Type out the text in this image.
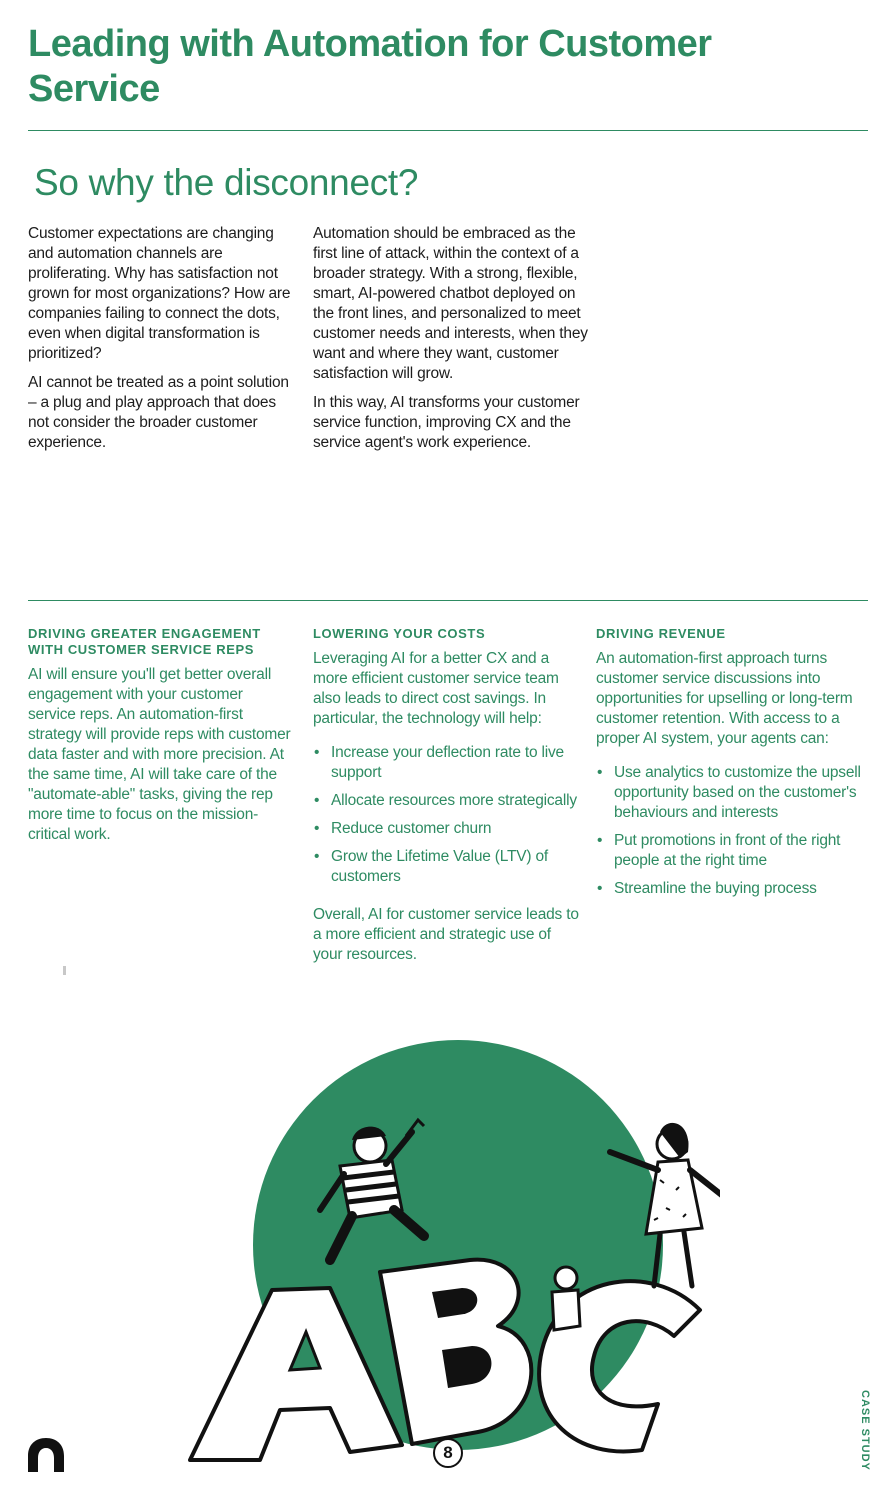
Leading with Automation for Customer Service
So why the disconnect?

Customer expectations are changing and automation channels are proliferating. Why has satisfaction not grown for most organizations? How are companies failing to connect the dots, even when digital transformation is prioritized?

AI cannot be treated as a point solution – a plug and play approach that does not consider the broader customer experience.

Automation should be embraced as the first line of attack, within the context of a broader strategy. With a strong, flexible, smart, AI-powered chatbot deployed on the front lines, and personalized to meet customer needs and interests, when they want and where they want, customer satisfaction will grow.

In this way, AI transforms your customer service function, improving CX and the service agent's work experience.

DRIVING GREATER ENGAGEMENT WITH CUSTOMER SERVICE REPS

AI will ensure you'll get better overall engagement with your customer service reps. An automation-first strategy will provide reps with customer data faster and with more precision. At the same time, AI will take care of the "automate-able" tasks, giving the rep more time to focus on the mission-critical work.

LOWERING YOUR COSTS

Leveraging AI for a better CX and a more efficient customer service team also leads to direct cost savings. In particular, the technology will help:

• Increase your deflection rate to live support
• Allocate resources more strategically
• Reduce customer churn
• Grow the Lifetime Value (LTV) of customers

Overall, AI for customer service leads to a more efficient and strategic use of your resources.

DRIVING REVENUE

An automation-first approach turns customer service discussions into opportunities for upselling or long-term customer retention. With access to a proper AI system, your agents can:

• Use analytics to customize the upsell opportunity based on the customer's behaviours and interests
• Put promotions in front of the right people at the right time
• Streamline the buying process
8	CASE STUDY
